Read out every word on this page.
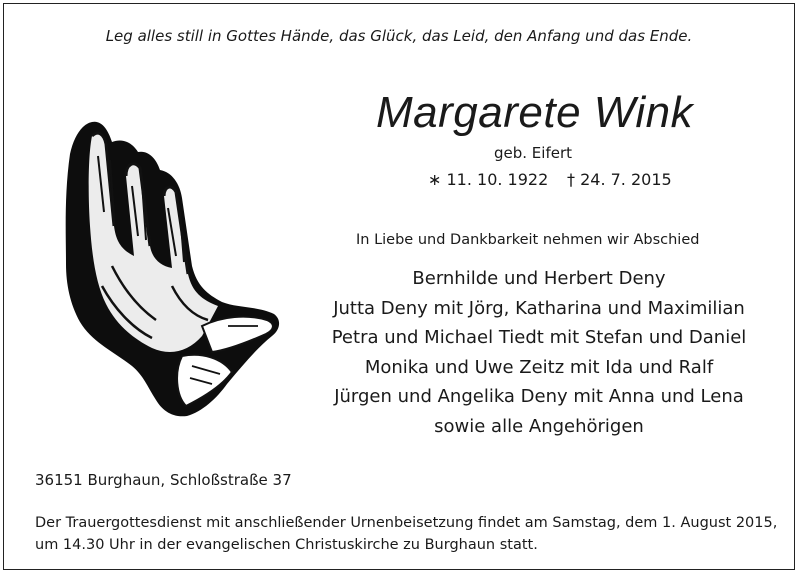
Leg alles still in Gottes Hände, das Glück, das Leid, den Anfang und das Ende.
Margarete Wink
geb. Eifert
∗ 11. 10. 1922 † 24. 7. 2015
In Liebe und Dankbarkeit nehmen wir Abschied
Bernhilde und Herbert Deny
Jutta Deny mit Jörg, Katharina und Maximilian
Petra und Michael Tiedt mit Stefan und Daniel
Monika und Uwe Zeitz mit Ida und Ralf
Jürgen und Angelika Deny mit Anna und Lena
sowie alle Angehörigen
36151 Burghaun, Schloßstraße 37
Der Trauergottesdienst mit anschließender Urnenbeisetzung findet am Samstag, dem 1. August 2015,
um 14.30 Uhr in der evangelischen Christuskirche zu Burghaun statt.
